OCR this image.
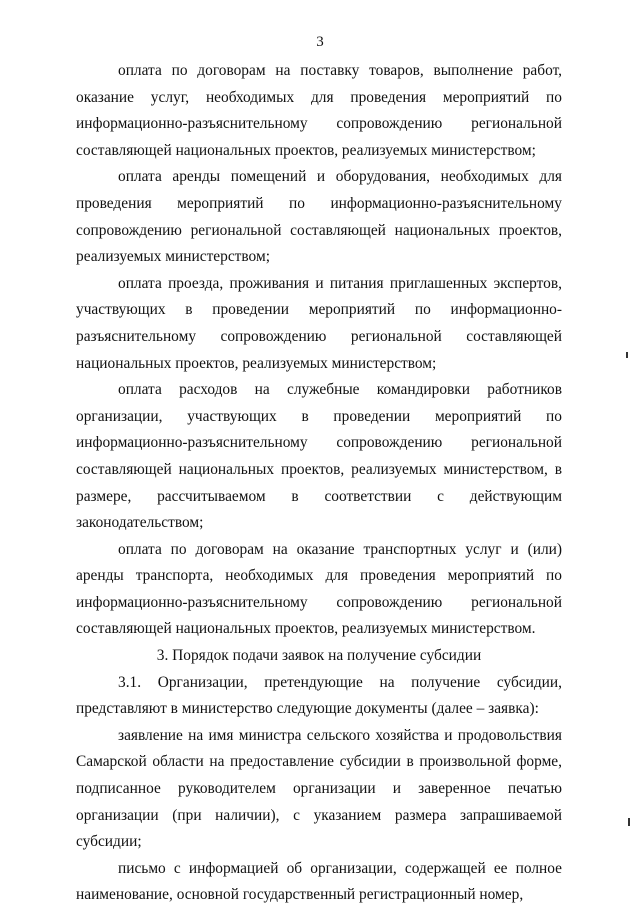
3

оплата по договорам на поставку товаров, выполнение работ, оказание услуг, необходимых для проведения мероприятий по информационно-разъяснительному сопровождению региональной составляющей национальных проектов, реализуемых министерством;

оплата аренды помещений и оборудования, необходимых для проведения мероприятий по информационно-разъяснительному сопровождению региональной составляющей национальных проектов, реализуемых министерством;

оплата проезда, проживания и питания приглашенных экспертов, участвующих в проведении мероприятий по информационно-разъяснительному сопровождению региональной составляющей национальных проектов, реализуемых министерством;

оплата расходов на служебные командировки работников организации, участвующих в проведении мероприятий по информационно-разъяснительному сопровождению региональной составляющей национальных проектов, реализуемых министерством, в размере, рассчитываемом в соответствии с действующим законодательством;

оплата по договорам на оказание транспортных услуг и (или) аренды транспорта, необходимых для проведения мероприятий по информационно-разъяснительному сопровождению региональной составляющей национальных проектов, реализуемых министерством.

3. Порядок подачи заявок на получение субсидии

3.1. Организации, претендующие на получение субсидии, представляют в министерство следующие документы (далее – заявка):

заявление на имя министра сельского хозяйства и продовольствия Самарской области на предоставление субсидии в произвольной форме, подписанное руководителем организации и заверенное печатью организации (при наличии), с указанием размера запрашиваемой субсидии;

письмо с информацией об организации, содержащей ее полное наименование, основной государственный регистрационный номер,
